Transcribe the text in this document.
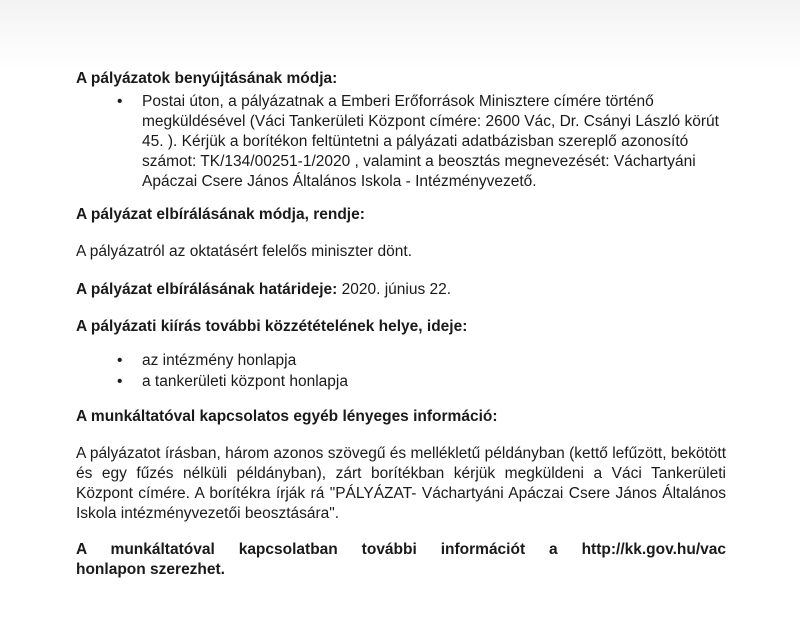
A pályázatok benyújtásának módja:
•	Postai úton, a pályázatnak a Emberi Erőforrások Minisztere címére történő megküldésével (Váci Tankerületi Központ címére: 2600 Vác, Dr. Csányi László körút 45. ). Kérjük a borítékon feltüntetni a pályázati adatbázisban szereplő azonosító számot: TK/134/00251-1/2020 , valamint a beosztás megnevezését: Váchartyáni Apáczai Csere János Általános Iskola - Intézményvezető.
A pályázat elbírálásának módja, rendje:
A pályázatról az oktatásért felelős miniszter dönt.
A pályázat elbírálásának határideje: 2020. június 22.
A pályázati kiírás további közzétételének helye, ideje:
•	az intézmény honlapja
•	a tankerületi központ honlapja
A munkáltatóval kapcsolatos egyéb lényeges információ:
A pályázatot írásban, három azonos szövegű és mellékletű példányban (kettő lefűzött, bekötött és egy fűzés nélküli példányban), zárt borítékban kérjük megküldeni a Váci Tankerületi Központ címére. A borítékra írják rá "PÁLYÁZAT- Váchartyáni Apáczai Csere János Általános Iskola intézményvezetői beosztására".
A munkáltatóval kapcsolatban további információt a http://kk.gov.hu/vac
honlapon szerezhet.
